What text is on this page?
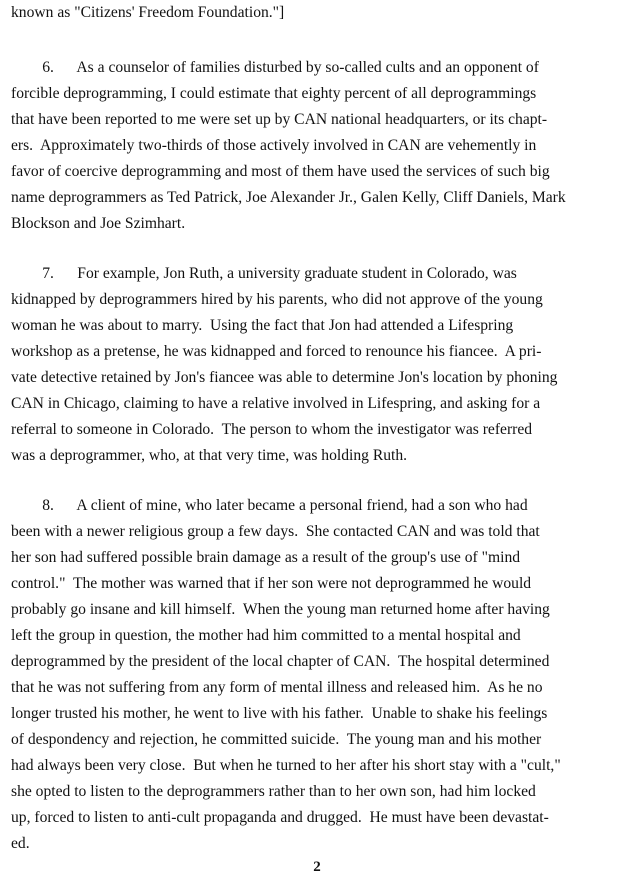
known as "Citizens' Freedom Foundation."]
6.      As a counselor of families disturbed by so-called cults and an opponent of
forcible deprogramming, I could estimate that eighty percent of all deprogrammings
that have been reported to me were set up by CAN national headquarters, or its chapt-
ers.  Approximately two-thirds of those actively involved in CAN are vehemently in
favor of coercive deprogramming and most of them have used the services of such big
name deprogrammers as Ted Patrick, Joe Alexander Jr., Galen Kelly, Cliff Daniels, Mark
Blockson and Joe Szimhart.
7.      For example, Jon Ruth, a university graduate student in Colorado, was
kidnapped by deprogrammers hired by his parents, who did not approve of the young
woman he was about to marry.  Using the fact that Jon had attended a Lifespring
workshop as a pretense, he was kidnapped and forced to renounce his fiancee.  A pri-
vate detective retained by Jon's fiancee was able to determine Jon's location by phoning
CAN in Chicago, claiming to have a relative involved in Lifespring, and asking for a
referral to someone in Colorado.  The person to whom the investigator was referred
was a deprogrammer, who, at that very time, was holding Ruth.
8.      A client of mine, who later became a personal friend, had a son who had
been with a newer religious group a few days.  She contacted CAN and was told that
her son had suffered possible brain damage as a result of the group's use of "mind
control."  The mother was warned that if her son were not deprogrammed he would
probably go insane and kill himself.  When the young man returned home after having
left the group in question, the mother had him committed to a mental hospital and
deprogrammed by the president of the local chapter of CAN.  The hospital determined
that he was not suffering from any form of mental illness and released him.  As he no
longer trusted his mother, he went to live with his father.  Unable to shake his feelings
of despondency and rejection, he committed suicide.  The young man and his mother
had always been very close.  But when he turned to her after his short stay with a "cult,"
she opted to listen to the deprogrammers rather than to her own son, had him locked
up, forced to listen to anti-cult propaganda and drugged.  He must have been devastat-
ed.
2
